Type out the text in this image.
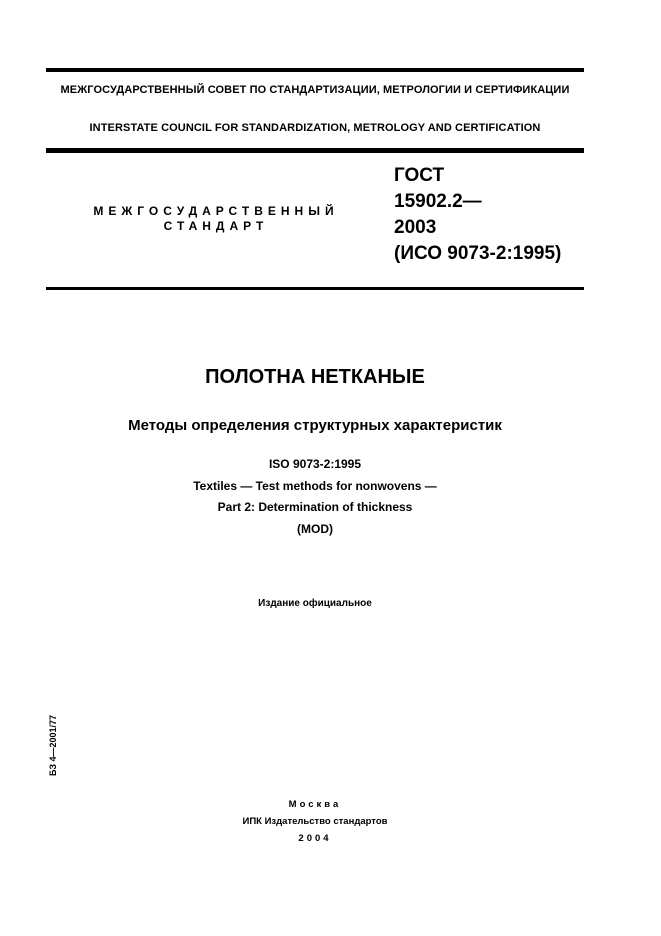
МЕЖГОСУДАРСТВЕННЫЙ СОВЕТ ПО СТАНДАРТИЗАЦИИ, МЕТРОЛОГИИ И СЕРТИФИКАЦИИ
INTERSTATE COUNCIL FOR STANDARDIZATION, METROLOGY AND CERTIFICATION
МЕЖГОСУДАРСТВЕННЫЙ
СТАНДАРТ
ГОСТ
15902.2—
2003
(ИСО 9073-2:1995)
ПОЛОТНА НЕТКАНЫЕ
Методы определения структурных характеристик
ISO 9073-2:1995
Textiles — Test methods for nonwovens —
Part 2: Determination of thickness
(MOD)
Издание официальное
БЗ 4—2001/77
Москва
ИПК Издательство стандартов
2004
